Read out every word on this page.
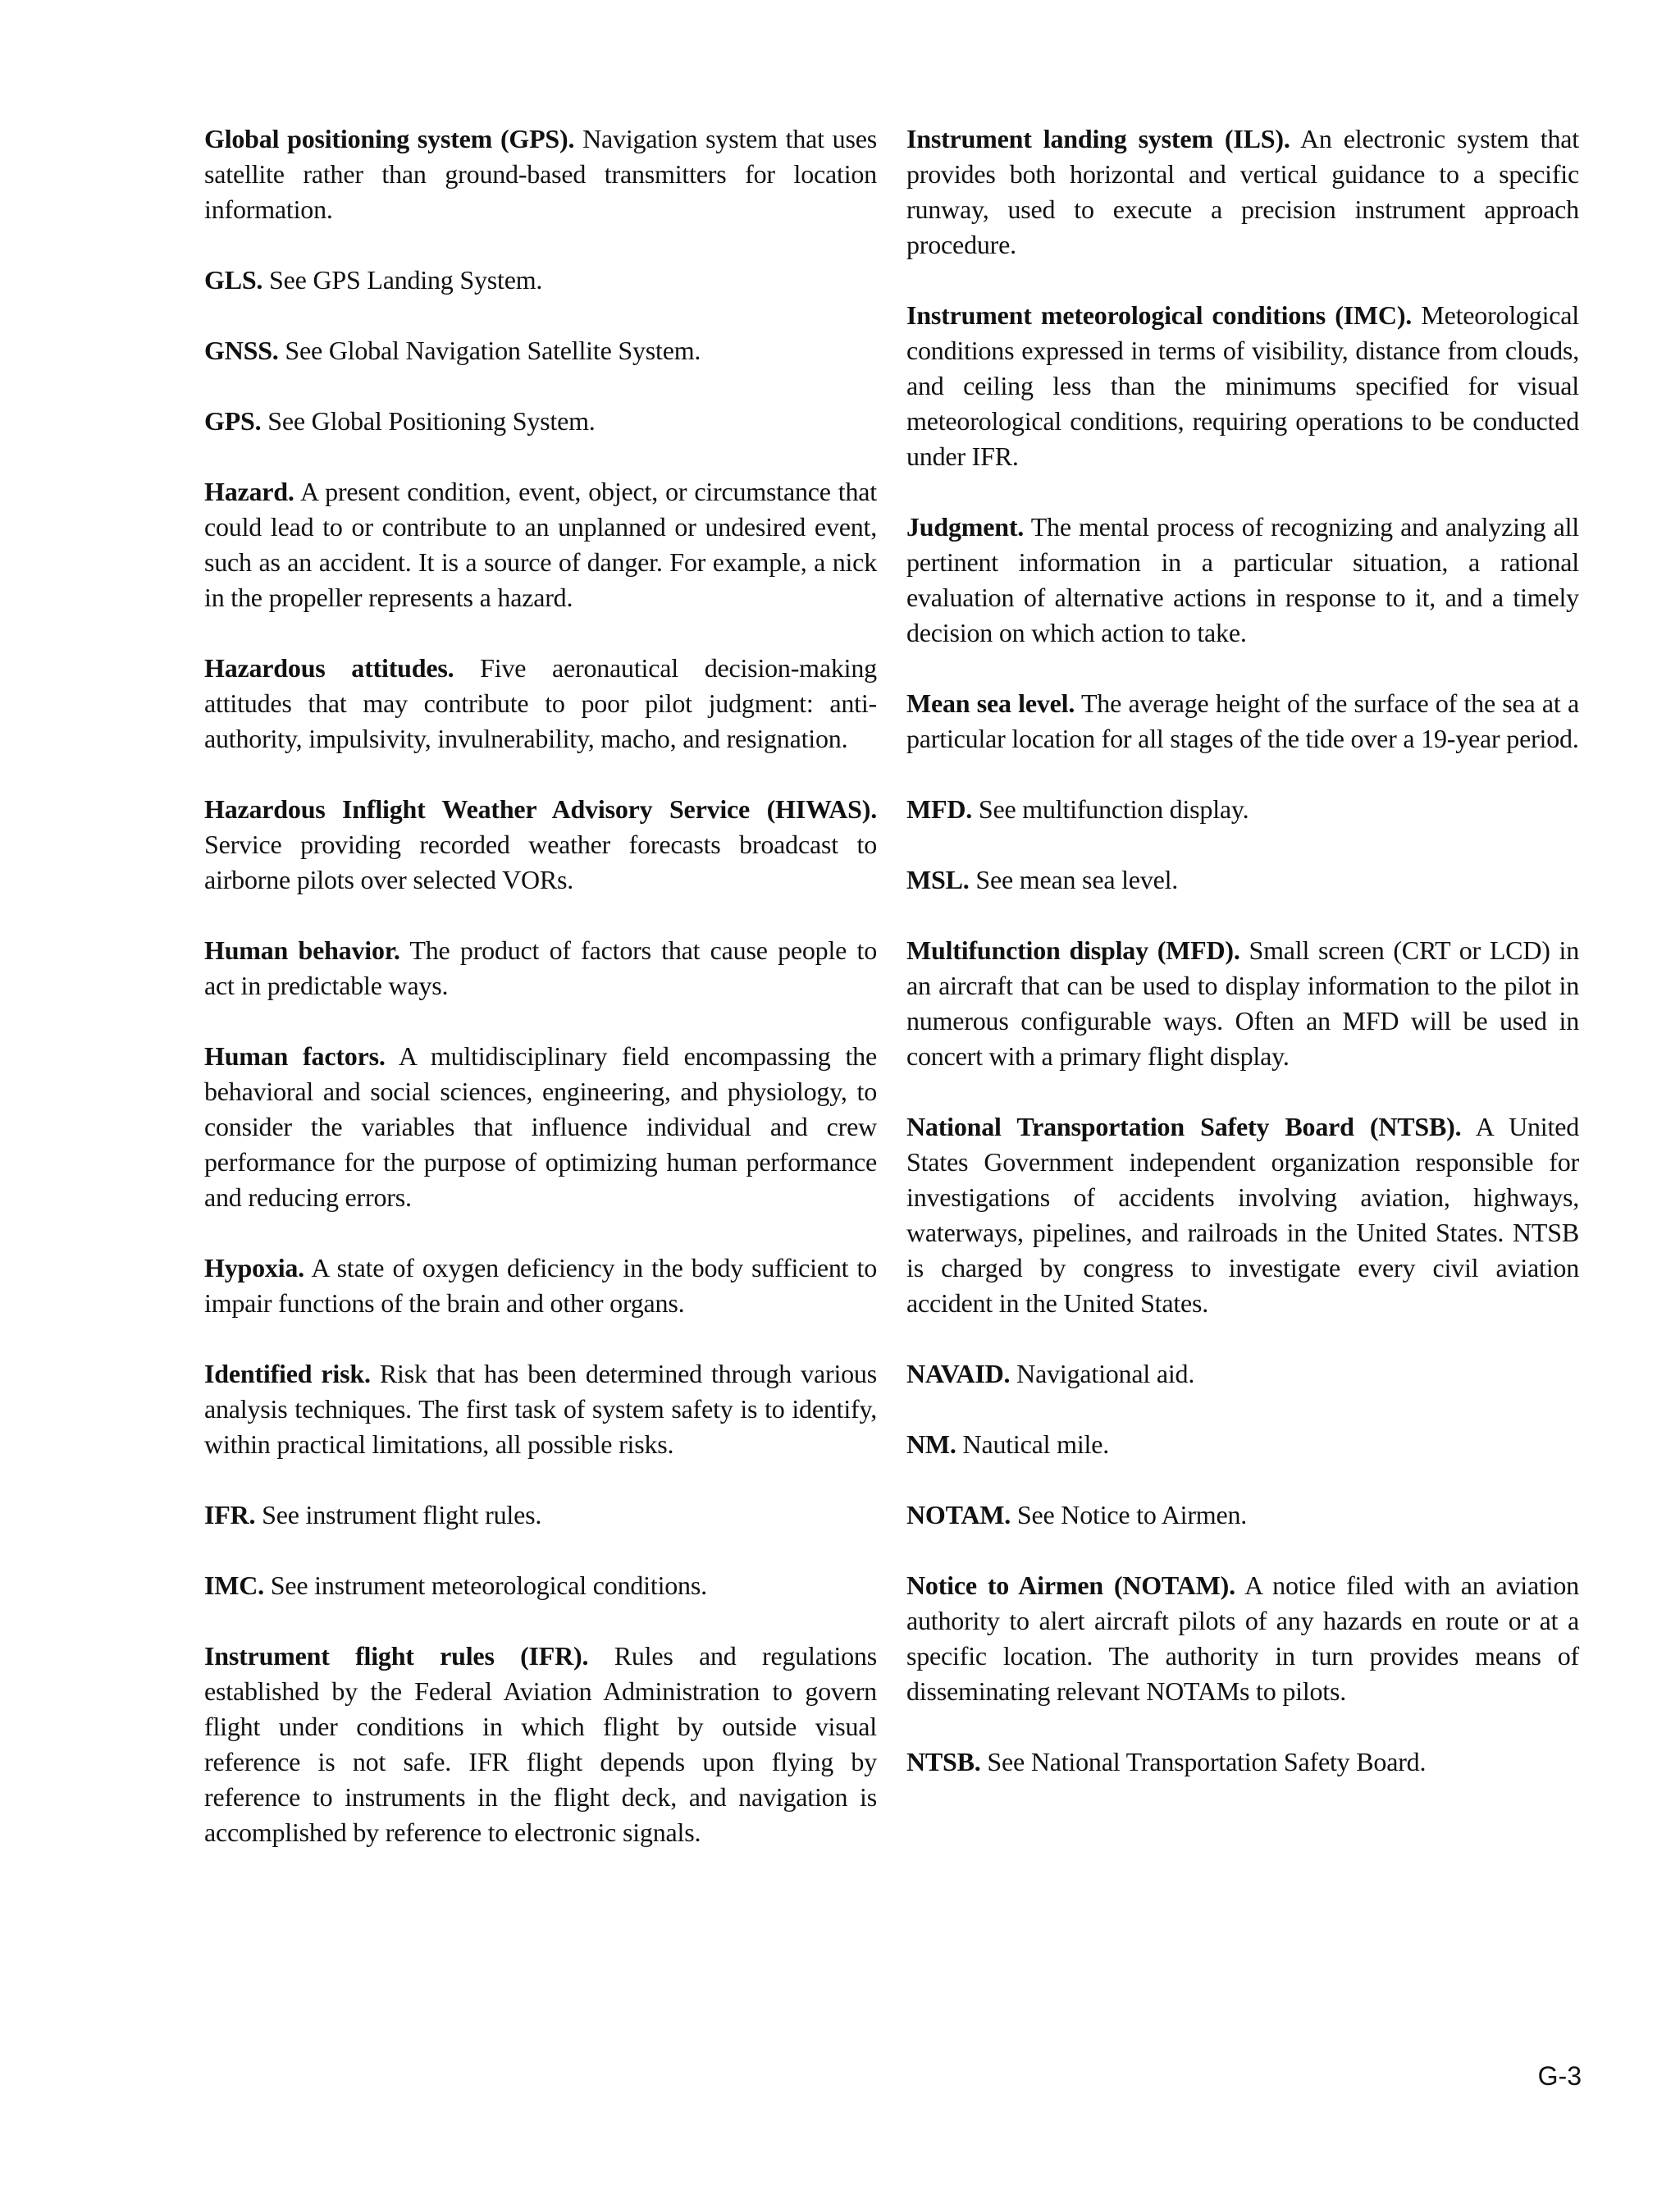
Global positioning system (GPS). Navigation system that uses satellite rather than ground-based transmitters for location information.

GLS. See GPS Landing System.

GNSS. See Global Navigation Satellite System.

GPS. See Global Positioning System.

Hazard. A present condition, event, object, or circumstance that could lead to or contribute to an unplanned or undesired event, such as an accident. It is a source of danger. For example, a nick in the propeller represents a hazard.

Hazardous attitudes. Five aeronautical decision-making attitudes that may contribute to poor pilot judgment: anti-authority, impulsivity, invulnerability, macho, and resignation.

Hazardous Inflight Weather Advisory Service (HIWAS).Service providing recorded weather forecasts broadcast to airborne pilots over selected VORs.

Human behavior. The product of factors that cause people to act in predictable ways.

Human factors. A multidisciplinary field encompassing the behavioral and social sciences, engineering, and physiology, to consider the variables that influence individual and crew performance for the purpose of optimizing human performance and reducing errors.

Hypoxia. A state of oxygen deficiency in the body sufficient to impair functions of the brain and other organs.

Identified risk. Risk that has been determined through various analysis techniques. The first task of system safety is to identify, within practical limitations, all possible risks.

IFR. See instrument flight rules.

IMC. See instrument meteorological conditions.

Instrument flight rules (IFR). Rules and regulations established by the Federal Aviation Administration to govern flight under conditions in which flight by outside visual reference is not safe. IFR flight depends upon flying by reference to instruments in the flight deck, and navigation is accomplished by reference to electronic signals.

Instrument landing system (ILS). An electronic system that provides both horizontal and vertical guidance to a specific runway, used to execute a precision instrument approach procedure.

Instrument meteorological conditions (IMC). Meteorological conditions expressed in terms of visibility, distance from clouds, and ceiling less than the minimums specified for visual meteorological conditions, requiring operations to be conducted under IFR.

Judgment. The mental process of recognizing and analyzing all pertinent information in a particular situation, a rational evaluation of alternative actions in response to it, and a timely decision on which action to take.

Mean sea level. The average height of the surface of the sea at a particular location for all stages of the tide over a 19-year period.

MFD. See multifunction display.

MSL. See mean sea level.

Multifunction display (MFD). Small screen (CRT or LCD) in an aircraft that can be used to display information to the pilot in numerous configurable ways. Often an MFD will be used in concert with a primary flight display.

National Transportation Safety Board (NTSB). A United States Government independent organization responsible for investigations of accidents involving aviation, highways, waterways, pipelines, and railroads in the United States. NTSB is charged by congress to investigate every civil aviation accident in the United States.

NAVAID. Navigational aid.

NM. Nautical mile.

NOTAM. See Notice to Airmen.

Notice to Airmen (NOTAM). A notice filed with an aviation authority to alert aircraft pilots of any hazards en route or at a specific location. The authority in turn provides means of disseminating relevant NOTAMs to pilots.

NTSB. See National Transportation Safety Board.

G-3
